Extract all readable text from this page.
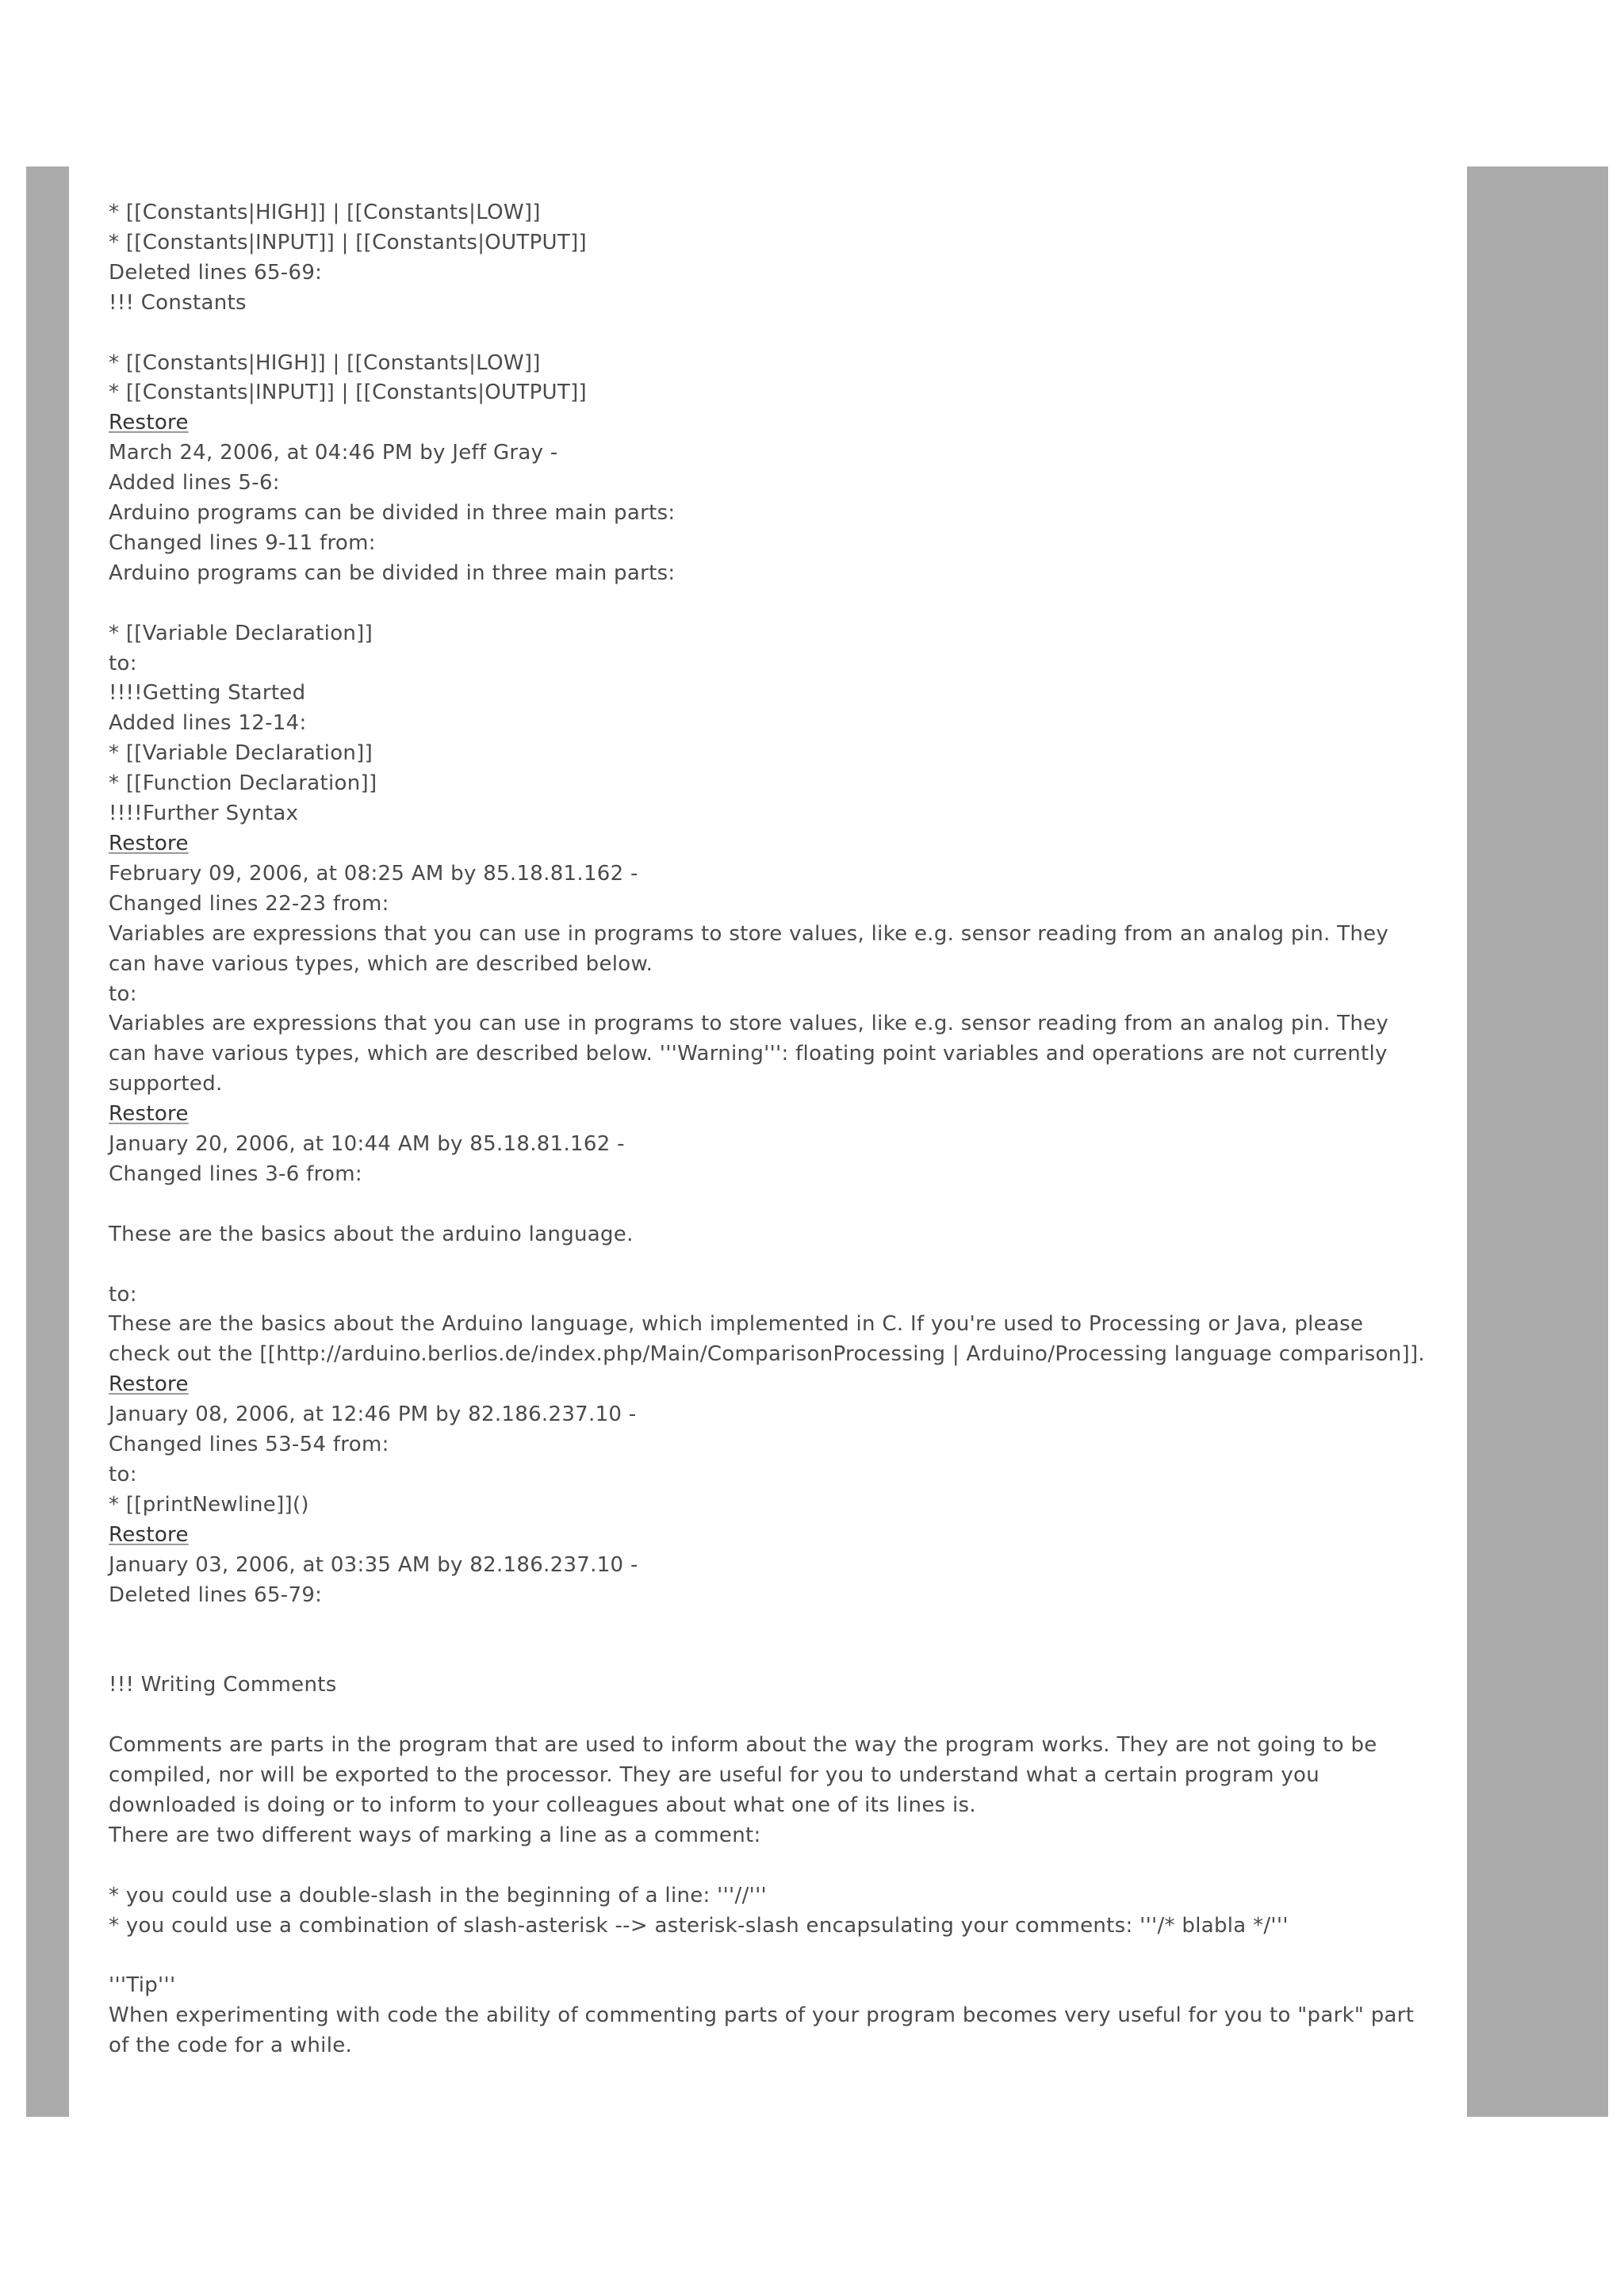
* [[Constants|HIGH]] | [[Constants|LOW]]
* [[Constants|INPUT]] | [[Constants|OUTPUT]]
Deleted lines 65-69:
!!! Constants
* [[Constants|HIGH]] | [[Constants|LOW]]
* [[Constants|INPUT]] | [[Constants|OUTPUT]]
Restore
March 24, 2006, at 04:46 PM by Jeff Gray -
Added lines 5-6:
Arduino programs can be divided in three main parts:
Changed lines 9-11 from:
Arduino programs can be divided in three main parts:
* [[Variable Declaration]]
to:
!!!!Getting Started
Added lines 12-14:
* [[Variable Declaration]]
* [[Function Declaration]]
!!!!Further Syntax
Restore
February 09, 2006, at 08:25 AM by 85.18.81.162 -
Changed lines 22-23 from:
Variables are expressions that you can use in programs to store values, like e.g. sensor reading from an analog pin. They can have various types, which are described below.
to:
Variables are expressions that you can use in programs to store values, like e.g. sensor reading from an analog pin. They can have various types, which are described below. '''Warning''': floating point variables and operations are not currently supported.
Restore
January 20, 2006, at 10:44 AM by 85.18.81.162 -
Changed lines 3-6 from:
These are the basics about the arduino language.
to:
These are the basics about the Arduino language, which implemented in C. If you're used to Processing or Java, please check out the [[http://arduino.berlios.de/index.php/Main/ComparisonProcessing | Arduino/Processing language comparison]].
Restore
January 08, 2006, at 12:46 PM by 82.186.237.10 -
Changed lines 53-54 from:
to:
* [[printNewline]]()
Restore
January 03, 2006, at 03:35 AM by 82.186.237.10 -
Deleted lines 65-79:
!!! Writing Comments
Comments are parts in the program that are used to inform about the way the program works. They are not going to be compiled, nor will be exported to the processor. They are useful for you to understand what a certain program you downloaded is doing or to inform to your colleagues about what one of its lines is.
There are two different ways of marking a line as a comment:
* you could use a double-slash in the beginning of a line: '''//'''
* you could use a combination of slash-asterisk --> asterisk-slash encapsulating your comments: '''/* blabla */'''
'''Tip'''
When experimenting with code the ability of commenting parts of your program becomes very useful for you to "park" part of the code for a while.
